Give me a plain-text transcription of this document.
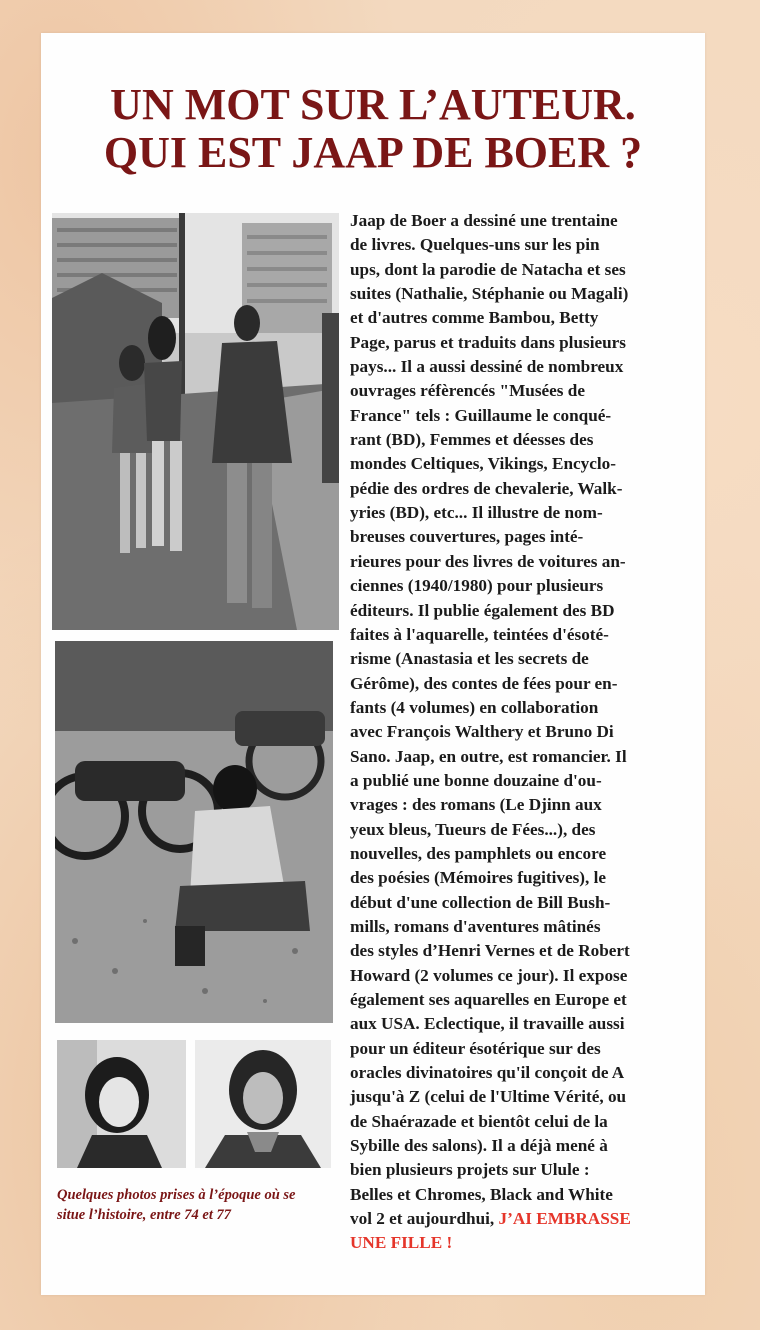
UN MOT SUR L’AUTEUR.
QUI EST JAAP DE BOER ?

Quelques photos prises à l’époque où se
situe l’histoire, entre 74 et 77

Jaap de Boer a dessiné une trentaine
de livres. Quelques-uns sur les pin
ups, dont la parodie de Natacha et ses
suites (Nathalie, Stéphanie ou Magali)
et d'autres comme Bambou, Betty
Page, parus et traduits dans plusieurs
pays... Il a aussi dessiné de nombreux
ouvrages réfèrencés "Musées de
France" tels : Guillaume le conqué-
rant (BD), Femmes et déesses des
mondes Celtiques, Vikings, Encyclo-
pédie des ordres de chevalerie, Walk-
yries (BD), etc... Il illustre de nom-
breuses couvertures, pages inté-
rieures pour des livres de voitures an-
ciennes (1940/1980) pour plusieurs
éditeurs. Il publie également des BD
faites à l'aquarelle, teintées d'ésoté-
risme (Anastasia et les secrets de
Gérôme), des contes de fées pour en-
fants (4 volumes) en collaboration
avec François Walthery et Bruno Di
Sano. Jaap, en outre, est romancier. Il
a publié une bonne douzaine d'ou-
vrages : des romans (Le Djinn aux
yeux bleus, Tueurs de Fées...), des
nouvelles, des pamphlets ou encore
des poésies (Mémoires fugitives), le
début d'une collection de Bill Bush-
mills, romans d'aventures mâtinés
des styles d’Henri Vernes et de Robert
Howard (2 volumes ce jour). Il expose
également ses aquarelles en Europe et
aux USA. Eclectique, il travaille aussi
pour un éditeur ésotérique sur des
oracles divinatoires qu'il conçoit de A
jusqu'à Z (celui de l'Ultime Vérité, ou
de Shaérazade et bientôt celui de la
Sybille des salons). Il a déjà mené à
bien plusieurs projets sur Ulule :
Belles et Chromes, Black and White
vol 2 et aujourdhui, J’AI EMBRASSE
UNE FILLE !
